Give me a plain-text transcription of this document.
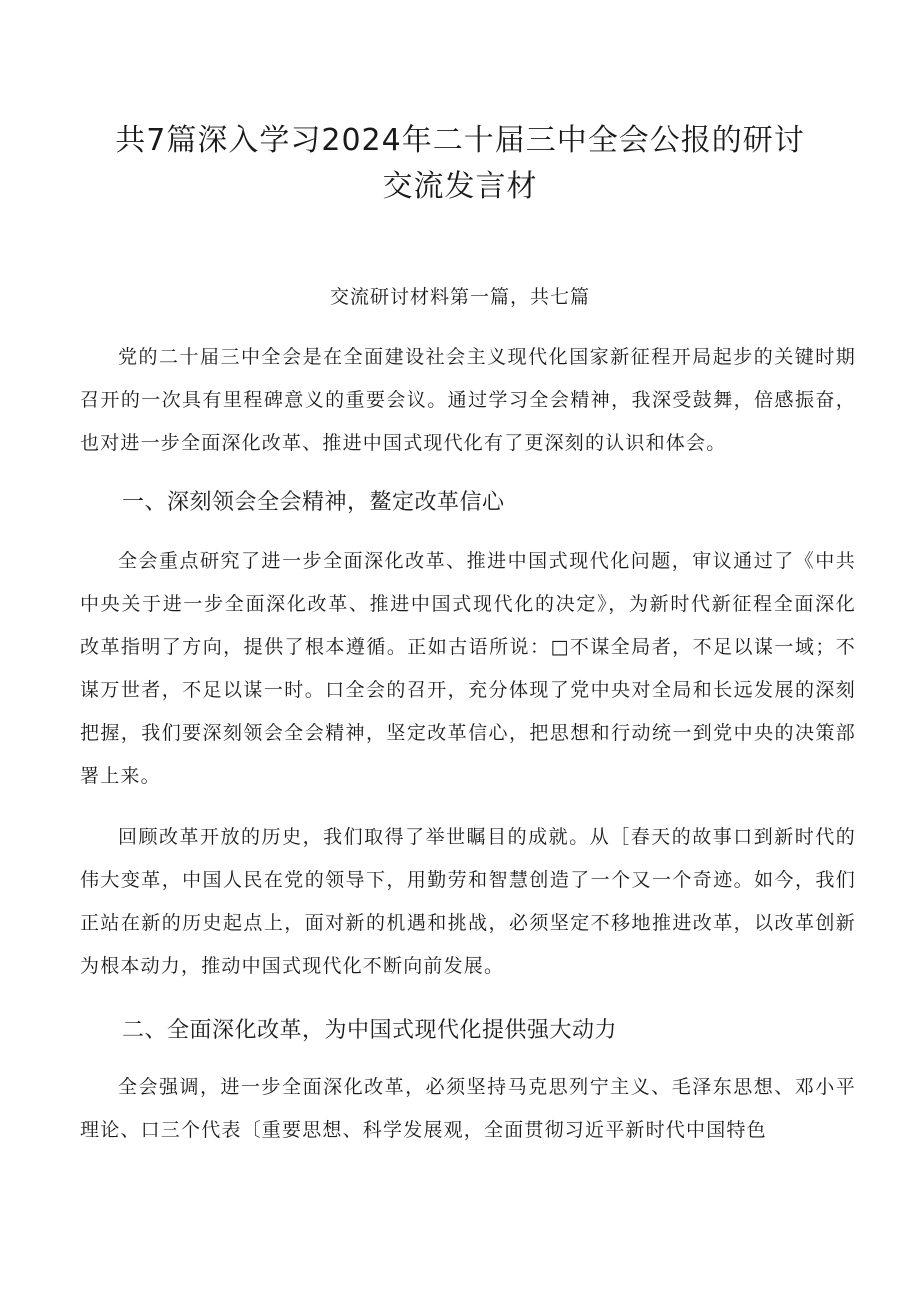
共7篇深入学习2024年二十届三中全会公报的研讨交流发言材
交流研讨材料第一篇，共七篇

党的二十届三中全会是在全面建设社会主义现代化国家新征程开局起步的关键时期召开的一次具有里程碑意义的重要会议。通过学习全会精神，我深受鼓舞，倍感振奋，也对进一步全面深化改革、推进中国式现代化有了更深刻的认识和体会。

一、深刻领会全会精神，鳌定改革信心

全会重点研究了进一步全面深化改革、推进中国式现代化问题，审议通过了《中共中央关于进一步全面深化改革、推进中国式现代化的决定》，为新时代新征程全面深化改革指明了方向，提供了根本遵循。正如古语所说：□不谋全局者，不足以谋一域；不谋万世者，不足以谋一时。口全会的召开，充分体现了党中央对全局和长远发展的深刻把握，我们要深刻领会全会精神，坚定改革信心，把思想和行动统一到党中央的决策部署上来。

回顾改革开放的历史，我们取得了举世瞩目的成就。从［春天的故事口到新时代的伟大变革，中国人民在党的领导下，用勤劳和智慧创造了一个又一个奇迹。如今，我们正站在新的历史起点上，面对新的机遇和挑战，必须坚定不移地推进改革，以改革创新为根本动力，推动中国式现代化不断向前发展。

二、全面深化改革，为中国式现代化提供强大动力

全会强调，进一步全面深化改革，必须坚持马克思列宁主义、毛泽东思想、邓小平理论、口三个代表〔重要思想、科学发展观，全面贯彻习近平新时代中国特色
